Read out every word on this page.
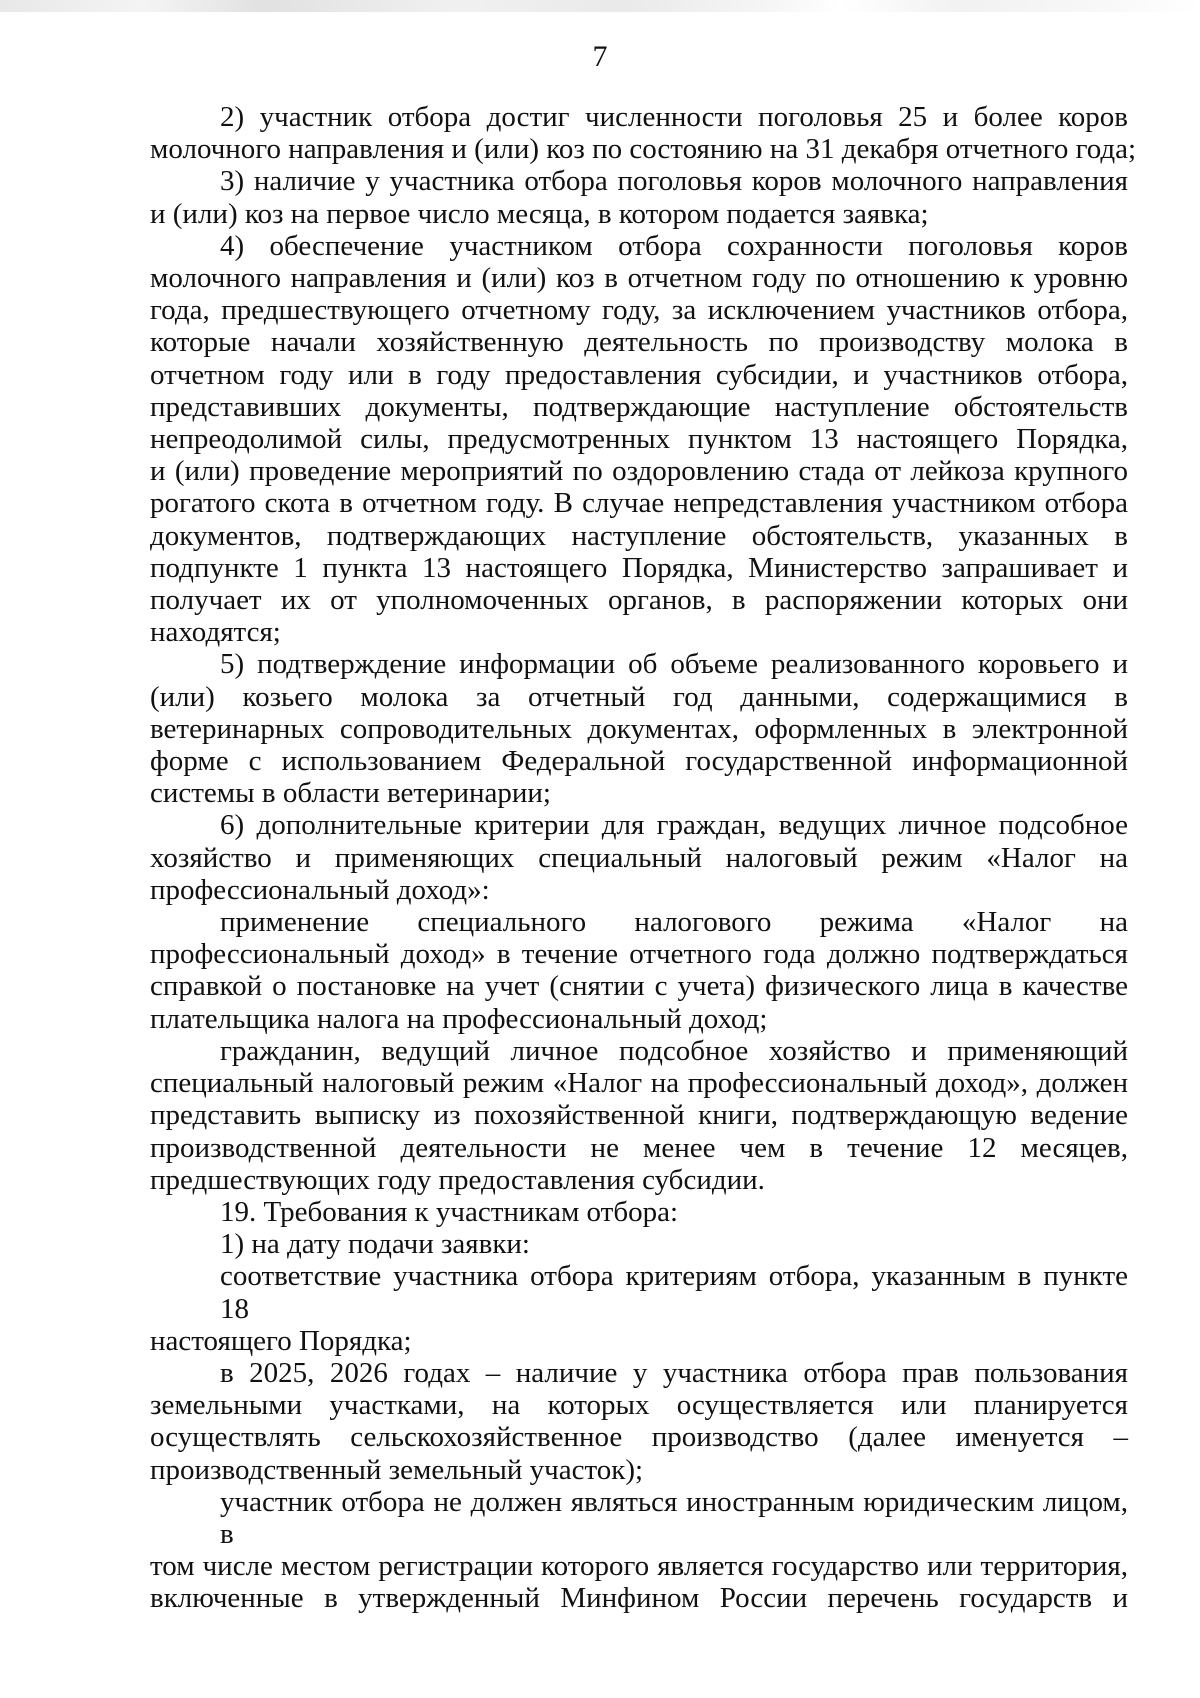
7
2) участник отбора достиг численности поголовья 25 и более коров
молочного направления и (или) коз по состоянию на 31 декабря отчетного года;
3) наличие у участника отбора поголовья коров молочного направления
и (или) коз на первое число месяца, в котором подается заявка;
4) обеспечение участником отбора сохранности поголовья коров
молочного направления и (или) коз в отчетном году по отношению к уровню
года, предшествующего отчетному году, за исключением участников отбора,
которые начали хозяйственную деятельность по производству молока в
отчетном году или в году предоставления субсидии, и участников отбора,
представивших документы, подтверждающие наступление обстоятельств
непреодолимой силы, предусмотренных пунктом 13 настоящего Порядка,
и (или) проведение мероприятий по оздоровлению стада от лейкоза крупного
рогатого скота в отчетном году. В случае непредставления участником отбора
документов, подтверждающих наступление обстоятельств, указанных в
подпункте 1 пункта 13 настоящего Порядка, Министерство запрашивает и
получает их от уполномоченных органов, в распоряжении которых они
находятся;
5) подтверждение информации об объеме реализованного коровьего и
(или) козьего молока за отчетный год данными, содержащимися в
ветеринарных сопроводительных документах, оформленных в электронной
форме с использованием Федеральной государственной информационной
системы в области ветеринарии;
6) дополнительные критерии для граждан, ведущих личное подсобное
хозяйство и применяющих специальный налоговый режим «Налог на
профессиональный доход»:
применение специального налогового режима «Налог на
профессиональный доход» в течение отчетного года должно подтверждаться
справкой о постановке на учет (снятии с учета) физического лица в качестве
плательщика налога на профессиональный доход;
гражданин, ведущий личное подсобное хозяйство и применяющий
специальный налоговый режим «Налог на профессиональный доход», должен
представить выписку из похозяйственной книги, подтверждающую ведение
производственной деятельности не менее чем в течение 12 месяцев,
предшествующих году предоставления субсидии.
19. Требования к участникам отбора:
1) на дату подачи заявки:
соответствие участника отбора критериям отбора, указанным в пункте 18
настоящего Порядка;
в 2025, 2026 годах – наличие у участника отбора прав пользования
земельными участками, на которых осуществляется или планируется
осуществлять сельскохозяйственное производство (далее именуется –
производственный земельный участок);
участник отбора не должен являться иностранным юридическим лицом, в
том числе местом регистрации которого является государство или территория,
включенные в утвержденный Минфином России перечень государств и
